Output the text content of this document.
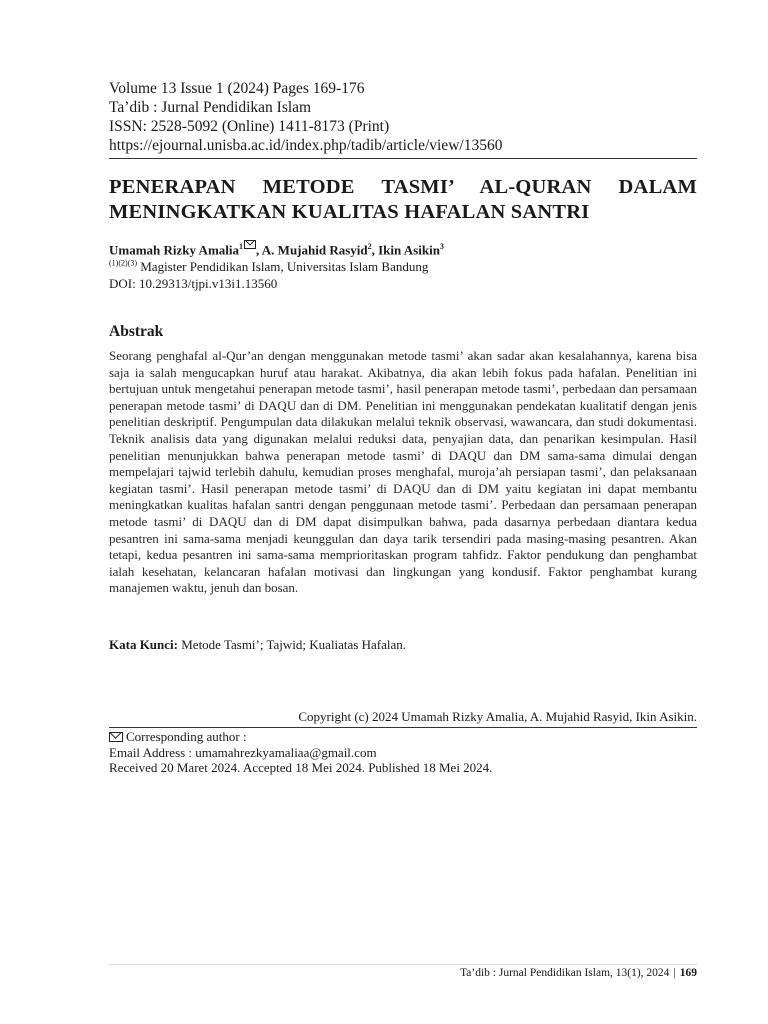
Volume 13 Issue 1 (2024) Pages 169-176
Ta’dib : Jurnal Pendidikan Islam
ISSN: 2528-5092 (Online) 1411-8173 (Print)
https://ejournal.unisba.ac.id/index.php/tadib/article/view/13560
PENERAPAN METODE TASMI’ AL-QURAN DALAM
MENINGKATKAN KUALITAS HAFALAN SANTRI
Umamah Rizky Amalia$^1$ , A. Mujahid Rasyid$^2$, Ikin Asikin$^3$
$^{(1)(2)(3)}$ Magister Pendidikan Islam, Universitas Islam Bandung
DOI: 10.29313/tjpi.v13i1.13560
Abstrak
Seorang penghafal al-Qur’an dengan menggunakan metode tasmi’ akan sadar akan kesalahannya, karena bisa saja ia salah mengucapkan huruf atau harakat. Akibatnya, dia akan lebih fokus pada hafalan. Penelitian ini bertujuan untuk mengetahui penerapan metode tasmi’, hasil penerapan metode tasmi’, perbedaan dan persamaan penerapan metode tasmi’ di DAQU dan di DM. Penelitian ini menggunakan pendekatan kualitatif dengan jenis penelitian deskriptif. Pengumpulan data dilakukan melalui teknik observasi, wawancara, dan studi dokumentasi. Teknik analisis data yang digunakan melalui reduksi data, penyajian data, dan penarikan kesimpulan. Hasil penelitian menunjukkan bahwa penerapan metode tasmi’ di DAQU dan DM sama-sama dimulai dengan mempelajari tajwid terlebih dahulu, kemudian proses menghafal, muroja’ah persiapan tasmi’, dan pelaksanaan kegiatan tasmi’. Hasil penerapan metode tasmi’ di DAQU dan di DM yaitu kegiatan ini dapat membantu meningkatkan kualitas hafalan santri dengan penggunaan metode tasmi’. Perbedaan dan persamaan penerapan metode tasmi’ di DAQU dan di DM dapat disimpulkan bahwa, pada dasarnya perbedaan diantara kedua pesantren ini sama-sama menjadi keunggulan dan daya tarik tersendiri pada masing-masing pesantren. Akan tetapi, kedua pesantren ini sama-sama memprioritaskan program tahfidz. Faktor pendukung dan penghambat ialah kesehatan, kelancaran hafalan motivasi dan lingkungan yang kondusif. Faktor penghambat kurang manajemen waktu, jenuh dan bosan.
Kata Kunci: Metode Tasmi’; Tajwid; Kualiatas Hafalan.
Copyright (c) 2024 Umamah Rizky Amalia, A. Mujahid Rasyid, Ikin Asikin.
Corresponding author :
Email Address : umamahrezkyamaliaa@gmail.com
Received 20 Maret 2024. Accepted 18 Mei 2024. Published 18 Mei 2024.
Ta’dib : Jurnal Pendidikan Islam, 13(1), 2024 | 169
